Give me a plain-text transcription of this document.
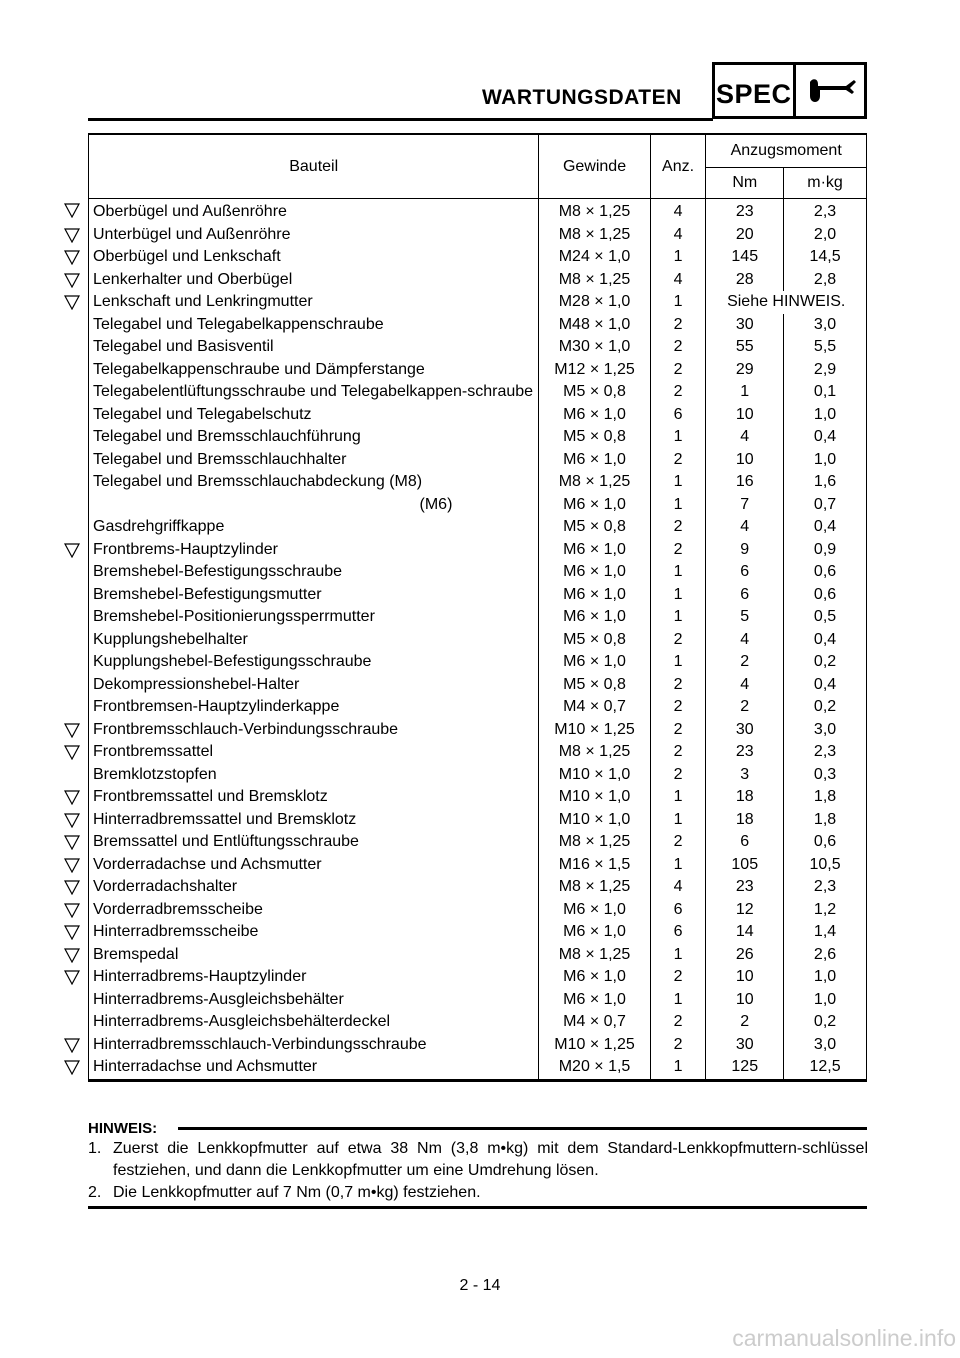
WARTUNGSDATEN SPEC
Bauteil	Gewinde	Anz.	Anzugsmoment	
			Nm	m·kg
Oberbügel und Außenröhre	M8 × 1,25	4	23	2,3
Unterbügel und Außenröhre	M8 × 1,25	4	20	2,0
Oberbügel und Lenkschaft	M24 × 1,0	1	145	14,5
Lenkerhalter und Oberbügel	M8 × 1,25	4	28	2,8
Lenkschaft und Lenkringmutter	M28 × 1,0	1	Siehe HINWEIS.	
Telegabel und Telegabelkappenschraube	M48 × 1,0	2	30	3,0
Telegabel und Basisventil	M30 × 1,0	2	55	5,5
Telegabelkappenschraube und Dämpferstange	M12 × 1,25	2	29	2,9
Telegabelentlüftungsschraube und Telegabelkappen-schraube	M5 × 0,8	2	1	0,1
Telegabel und Telegabelschutz	M6 × 1,0	6	10	1,0
Telegabel und Bremsschlauchführung	M5 × 0,8	1	4	0,4
Telegabel und Bremsschlauchhalter	M6 × 1,0	2	10	1,0
Telegabel und Bremsschlauchabdeckung (M8)	M8 × 1,25	1	16	1,6
(M6)	M6 × 1,0	1	7	0,7
Gasdrehgriffkappe	M5 × 0,8	2	4	0,4
Frontbrems-Hauptzylinder	M6 × 1,0	2	9	0,9
Bremshebel-Befestigungsschraube	M6 × 1,0	1	6	0,6
Bremshebel-Befestigungsmutter	M6 × 1,0	1	6	0,6
Bremshebel-Positionierungssperrmutter	M6 × 1,0	1	5	0,5
Kupplungshebelhalter	M5 × 0,8	2	4	0,4
Kupplungshebel-Befestigungsschraube	M6 × 1,0	1	2	0,2
Dekompressionshebel-Halter	M5 × 0,8	2	4	0,4
Frontbremsen-Hauptzylinderkappe	M4 × 0,7	2	2	0,2
Frontbremsschlauch-Verbindungsschraube	M10 × 1,25	2	30	3,0
Frontbremssattel	M8 × 1,25	2	23	2,3
Bremklotzstopfen	M10 × 1,0	2	3	0,3
Frontbremssattel und Bremsklotz	M10 × 1,0	1	18	1,8
Hinterradbremssattel und Bremsklotz	M10 × 1,0	1	18	1,8
Bremssattel und Entlüftungsschraube	M8 × 1,25	2	6	0,6
Vorderradachse und Achsmutter	M16 × 1,5	1	105	10,5
Vorderradachshalter	M8 × 1,25	4	23	2,3
Vorderradbremsscheibe	M6 × 1,0	6	12	1,2
Hinterradbremsscheibe	M6 × 1,0	6	14	1,4
Bremspedal	M8 × 1,25	1	26	2,6
Hinterradbrems-Hauptzylinder	M6 × 1,0	2	10	1,0
Hinterradbrems-Ausgleichsbehälter	M6 × 1,0	1	10	1,0
Hinterradbrems-Ausgleichsbehälterdeckel	M4 × 0,7	2	2	0,2
Hinterradbremsschlauch-Verbindungsschraube	M10 × 1,25	2	30	3,0
Hinterradachse und Achsmutter	M20 × 1,5	1	125	12,5
HINWEIS:
1. Zuerst die Lenkkopfmutter auf etwa 38 Nm (3,8 m•kg) mit dem Standard-Lenkkopfmuttern-schlüssel festziehen, und dann die Lenkkopfmutter um eine Umdrehung lösen.
2. Die Lenkkopfmutter auf 7 Nm (0,7 m•kg) festziehen.
2 - 14
carmanualsonline.info
